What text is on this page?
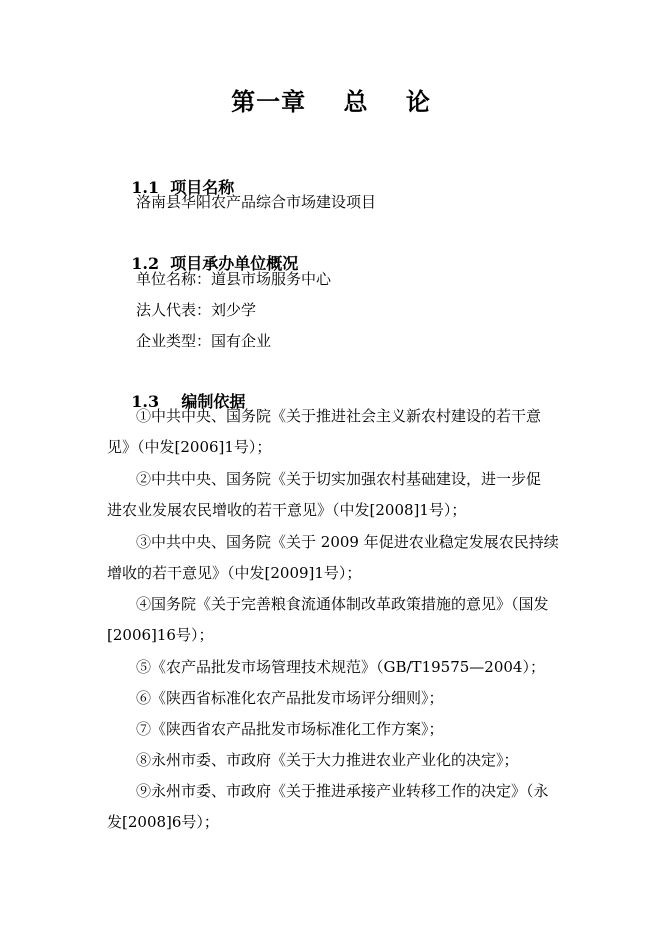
第一章    总    论

1.1 项目名称

洛南县华阳农产品综合市场建设项目

1.2 项目承办单位概况

单位名称：道县市场服务中心
法人代表：刘少学
企业类型：国有企业

1.3 编制依据

①中共中央、国务院《关于推进社会主义新农村建设的若干意
见》（中发[2006]1号）；
②中共中央、国务院《关于切实加强农村基础建设，进一步促
进农业发展农民增收的若干意见》（中发[2008]1号）；
③中共中央、国务院《关于 2009 年促进农业稳定发展农民持续
增收的若干意见》（中发[2009]1号）；
④国务院《关于完善粮食流通体制改革政策措施的意见》（国发
[2006]16号）；
⑤《农产品批发市场管理技术规范》（GB/T19575—2004）；
⑥《陕西省标准化农产品批发市场评分细则》；
⑦《陕西省农产品批发市场标准化工作方案》；
⑧永州市委、市政府《关于大力推进农业产业化的决定》；
⑨永州市委、市政府《关于推进承接产业转移工作的决定》（永
发[2008]6号）；
